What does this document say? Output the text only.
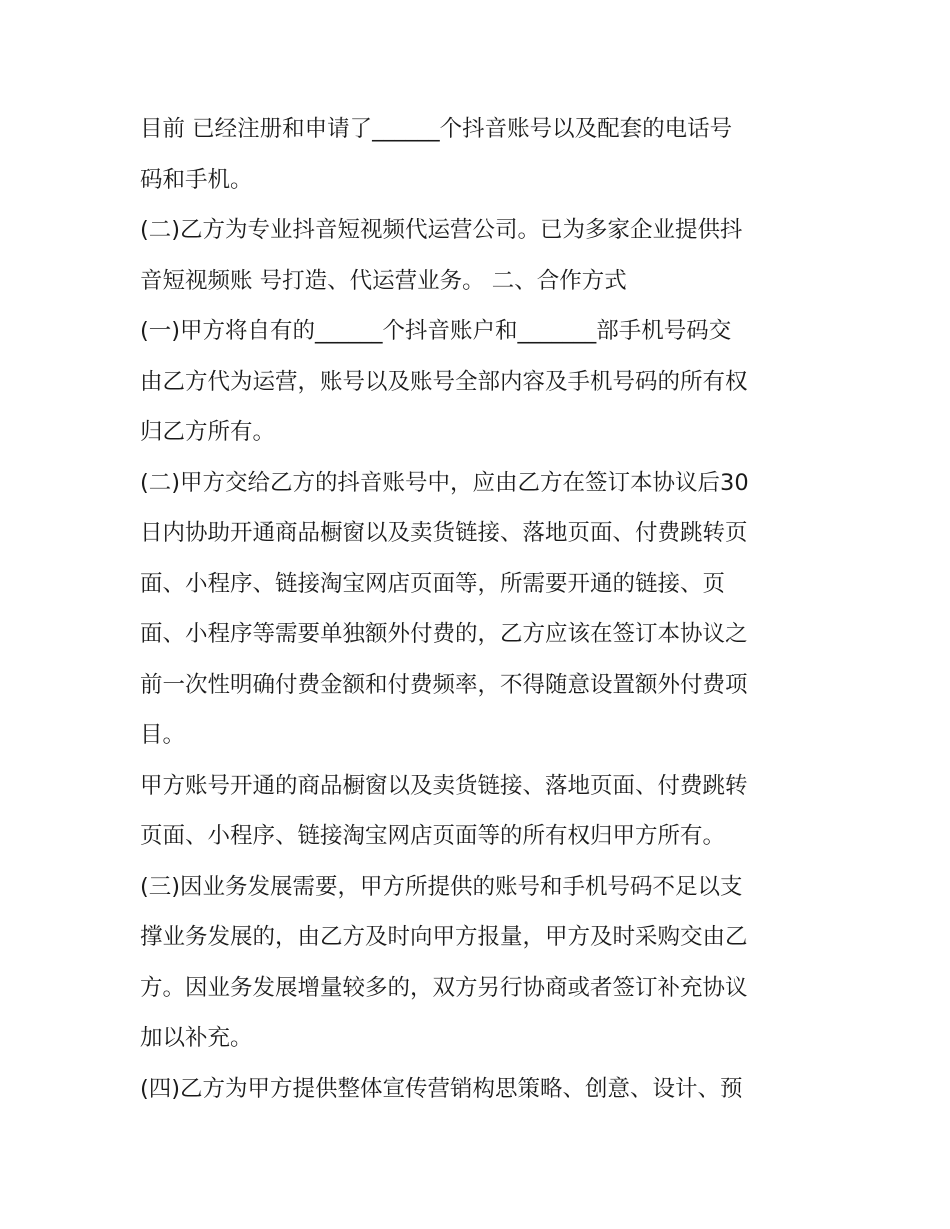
目前 已经注册和申请了______个抖音账号以及配套的电话号
码和手机。
(二)乙方为专业抖音短视频代运营公司。已为多家企业提供抖
音短视频账 号打造、代运营业务。 二、合作方式
(一)甲方将自有的______个抖音账户和_______部手机号码交
由乙方代为运营，账号以及账号全部内容及手机号码的所有权
归乙方所有。
(二)甲方交给乙方的抖音账号中，应由乙方在签订本协议后30
日内协助开通商品橱窗以及卖货链接、落地页面、付费跳转页
面、小程序、链接淘宝网店页面等，所需要开通的链接、页
面、小程序等需要单独额外付费的，乙方应该在签订本协议之
前一次性明确付费金额和付费频率，不得随意设置额外付费项
目。
甲方账号开通的商品橱窗以及卖货链接、落地页面、付费跳转
页面、小程序、链接淘宝网店页面等的所有权归甲方所有。
(三)因业务发展需要，甲方所提供的账号和手机号码不足以支
撑业务发展的，由乙方及时向甲方报量，甲方及时采购交由乙
方。因业务发展增量较多的，双方另行协商或者签订补充协议
加以补充。
(四)乙方为甲方提供整体宣传营销构思策略、创意、设计、预
